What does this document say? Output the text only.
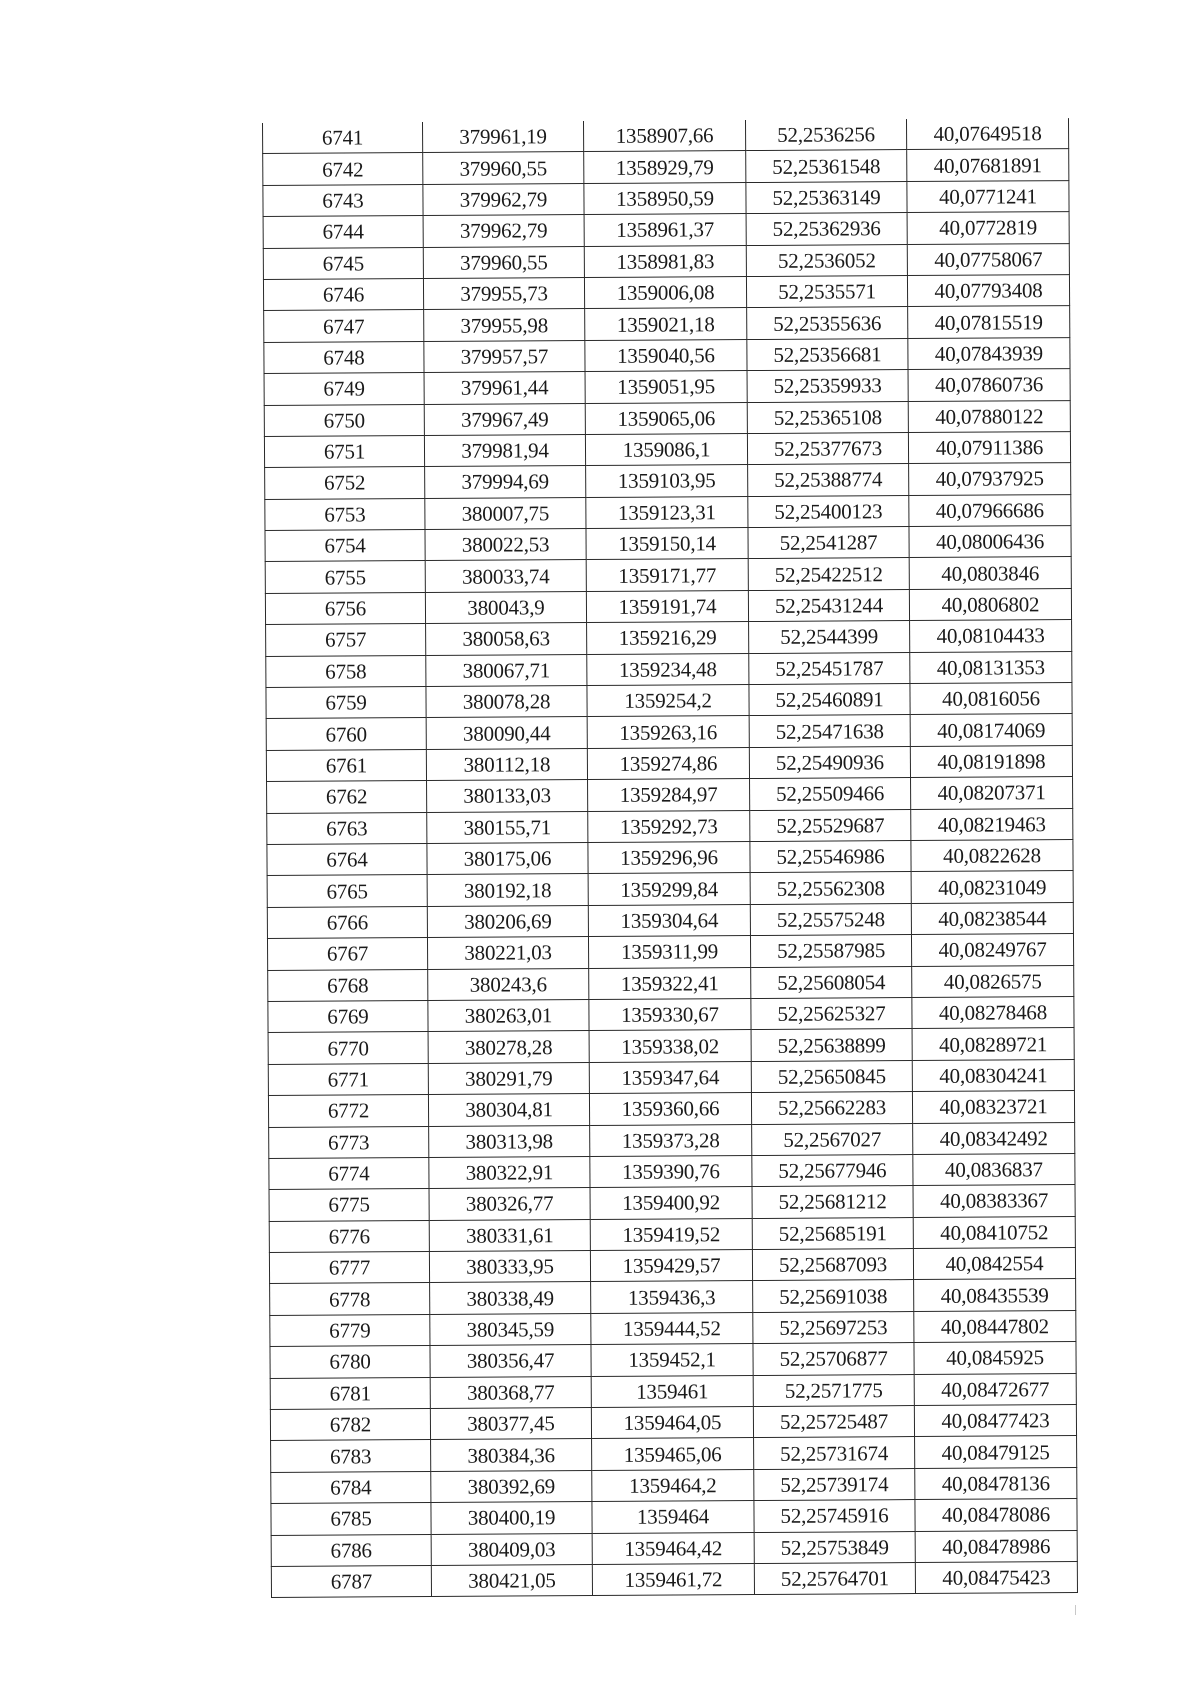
6741	379961,19	1358907,66	52,2536256	40,07649518
6742	379960,55	1358929,79	52,25361548	40,07681891
6743	379962,79	1358950,59	52,25363149	40,0771241
6744	379962,79	1358961,37	52,25362936	40,0772819
6745	379960,55	1358981,83	52,2536052	40,07758067
6746	379955,73	1359006,08	52,2535571	40,07793408
6747	379955,98	1359021,18	52,25355636	40,07815519
6748	379957,57	1359040,56	52,25356681	40,07843939
6749	379961,44	1359051,95	52,25359933	40,07860736
6750	379967,49	1359065,06	52,25365108	40,07880122
6751	379981,94	1359086,1	52,25377673	40,07911386
6752	379994,69	1359103,95	52,25388774	40,07937925
6753	380007,75	1359123,31	52,25400123	40,07966686
6754	380022,53	1359150,14	52,2541287	40,08006436
6755	380033,74	1359171,77	52,25422512	40,0803846
6756	380043,9	1359191,74	52,25431244	40,0806802
6757	380058,63	1359216,29	52,2544399	40,08104433
6758	380067,71	1359234,48	52,25451787	40,08131353
6759	380078,28	1359254,2	52,25460891	40,0816056
6760	380090,44	1359263,16	52,25471638	40,08174069
6761	380112,18	1359274,86	52,25490936	40,08191898
6762	380133,03	1359284,97	52,25509466	40,08207371
6763	380155,71	1359292,73	52,25529687	40,08219463
6764	380175,06	1359296,96	52,25546986	40,0822628
6765	380192,18	1359299,84	52,25562308	40,08231049
6766	380206,69	1359304,64	52,25575248	40,08238544
6767	380221,03	1359311,99	52,25587985	40,08249767
6768	380243,6	1359322,41	52,25608054	40,0826575
6769	380263,01	1359330,67	52,25625327	40,08278468
6770	380278,28	1359338,02	52,25638899	40,08289721
6771	380291,79	1359347,64	52,25650845	40,08304241
6772	380304,81	1359360,66	52,25662283	40,08323721
6773	380313,98	1359373,28	52,2567027	40,08342492
6774	380322,91	1359390,76	52,25677946	40,0836837
6775	380326,77	1359400,92	52,25681212	40,08383367
6776	380331,61	1359419,52	52,25685191	40,08410752
6777	380333,95	1359429,57	52,25687093	40,0842554
6778	380338,49	1359436,3	52,25691038	40,08435539
6779	380345,59	1359444,52	52,25697253	40,08447802
6780	380356,47	1359452,1	52,25706877	40,0845925
6781	380368,77	1359461	52,2571775	40,08472677
6782	380377,45	1359464,05	52,25725487	40,08477423
6783	380384,36	1359465,06	52,25731674	40,08479125
6784	380392,69	1359464,2	52,25739174	40,08478136
6785	380400,19	1359464	52,25745916	40,08478086
6786	380409,03	1359464,42	52,25753849	40,08478986
6787	380421,05	1359461,72	52,25764701	40,08475423
